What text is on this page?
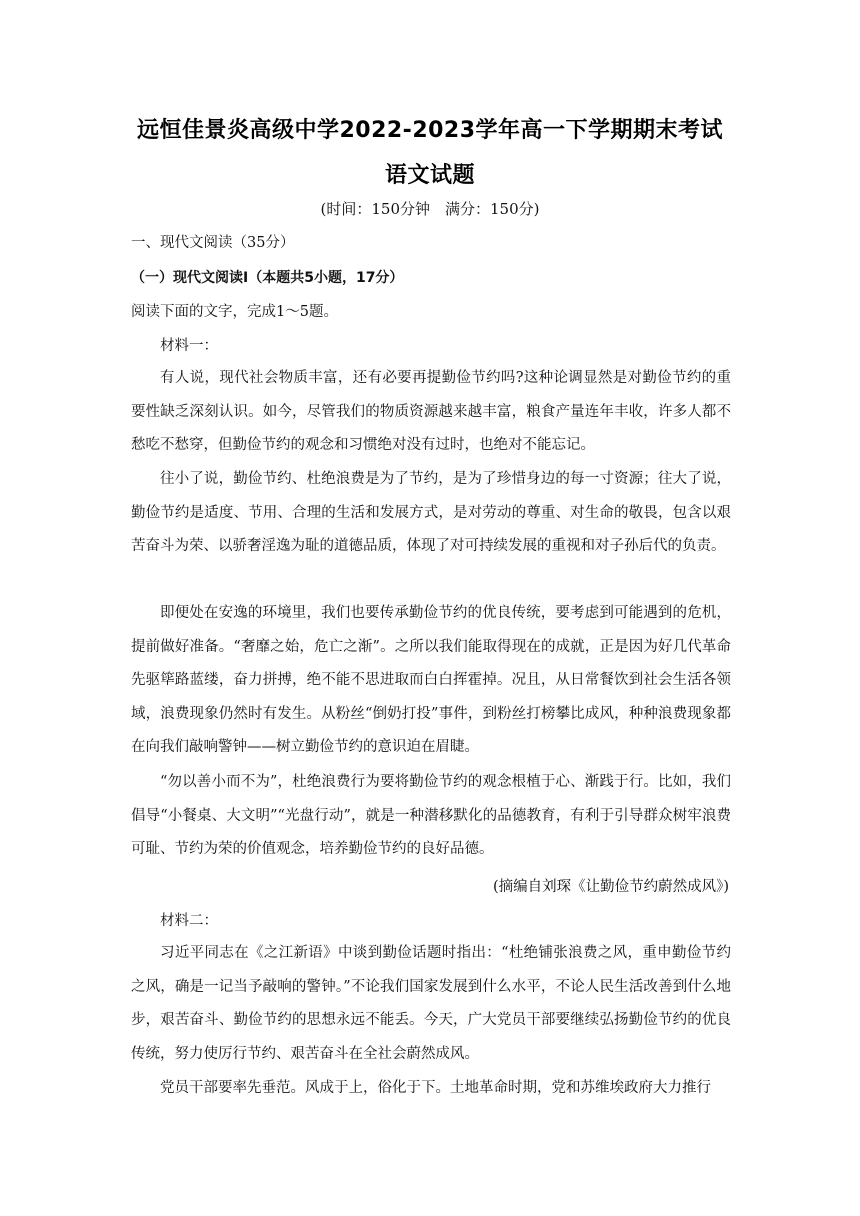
远恒佳景炎高级中学2022-2023学年高一下学期期末考试
语文试题
(时间：150分钟　满分：150分)
一、现代文阅读（35分）
（一）现代文阅读Ⅰ（本题共5小题，17分）
阅读下面的文字，完成1～5题。
材料一：

有人说，现代社会物质丰富，还有必要再提勤俭节约吗?这种论调显然是对勤俭节约的重要性缺乏深刻认识。如今，尽管我们的物质资源越来越丰富，粮食产量连年丰收，许多人都不愁吃不愁穿，但勤俭节约的观念和习惯绝对没有过时，也绝对不能忘记。

往小了说，勤俭节约、杜绝浪费是为了节约，是为了珍惜身边的每一寸资源；往大了说，勤俭节约是适度、节用、合理的生活和发展方式，是对劳动的尊重、对生命的敬畏，包含以艰苦奋斗为荣、以骄奢淫逸为耻的道德品质，体现了对可持续发展的重视和对子孙后代的负责。

即便处在安逸的环境里，我们也要传承勤俭节约的优良传统，要考虑到可能遇到的危机，提前做好准备。“奢靡之始，危亡之渐”。之所以我们能取得现在的成就，正是因为好几代革命先驱筚路蓝缕，奋力拼搏，绝不能不思进取而白白挥霍掉。况且，从日常餐饮到社会生活各领域，浪费现象仍然时有发生。从粉丝“倒奶打投”事件，到粉丝打榜攀比成风，种种浪费现象都在向我们敲响警钟——树立勤俭节约的意识迫在眉睫。

“勿以善小而不为”，杜绝浪费行为要将勤俭节约的观念根植于心、渐践于行。比如，我们倡导“小餐桌、大文明”“光盘行动”，就是一种潜移默化的品德教育，有利于引导群众树牢浪费可耻、节约为荣的价值观念，培养勤俭节约的良好品德。

(摘编自刘琛《让勤俭节约蔚然成风》)
材料二：

习近平同志在《之江新语》中谈到勤俭话题时指出：“杜绝铺张浪费之风，重申勤俭节约之风，确是一记当予敲响的警钟。”不论我们国家发展到什么水平，不论人民生活改善到什么地步，艰苦奋斗、勤俭节约的思想永远不能丢。今天，广大党员干部要继续弘扬勤俭节约的优良传统，努力使厉行节约、艰苦奋斗在全社会蔚然成风。

党员干部要率先垂范。风成于上，俗化于下。土地革命时期，党和苏维埃政府大力推行
